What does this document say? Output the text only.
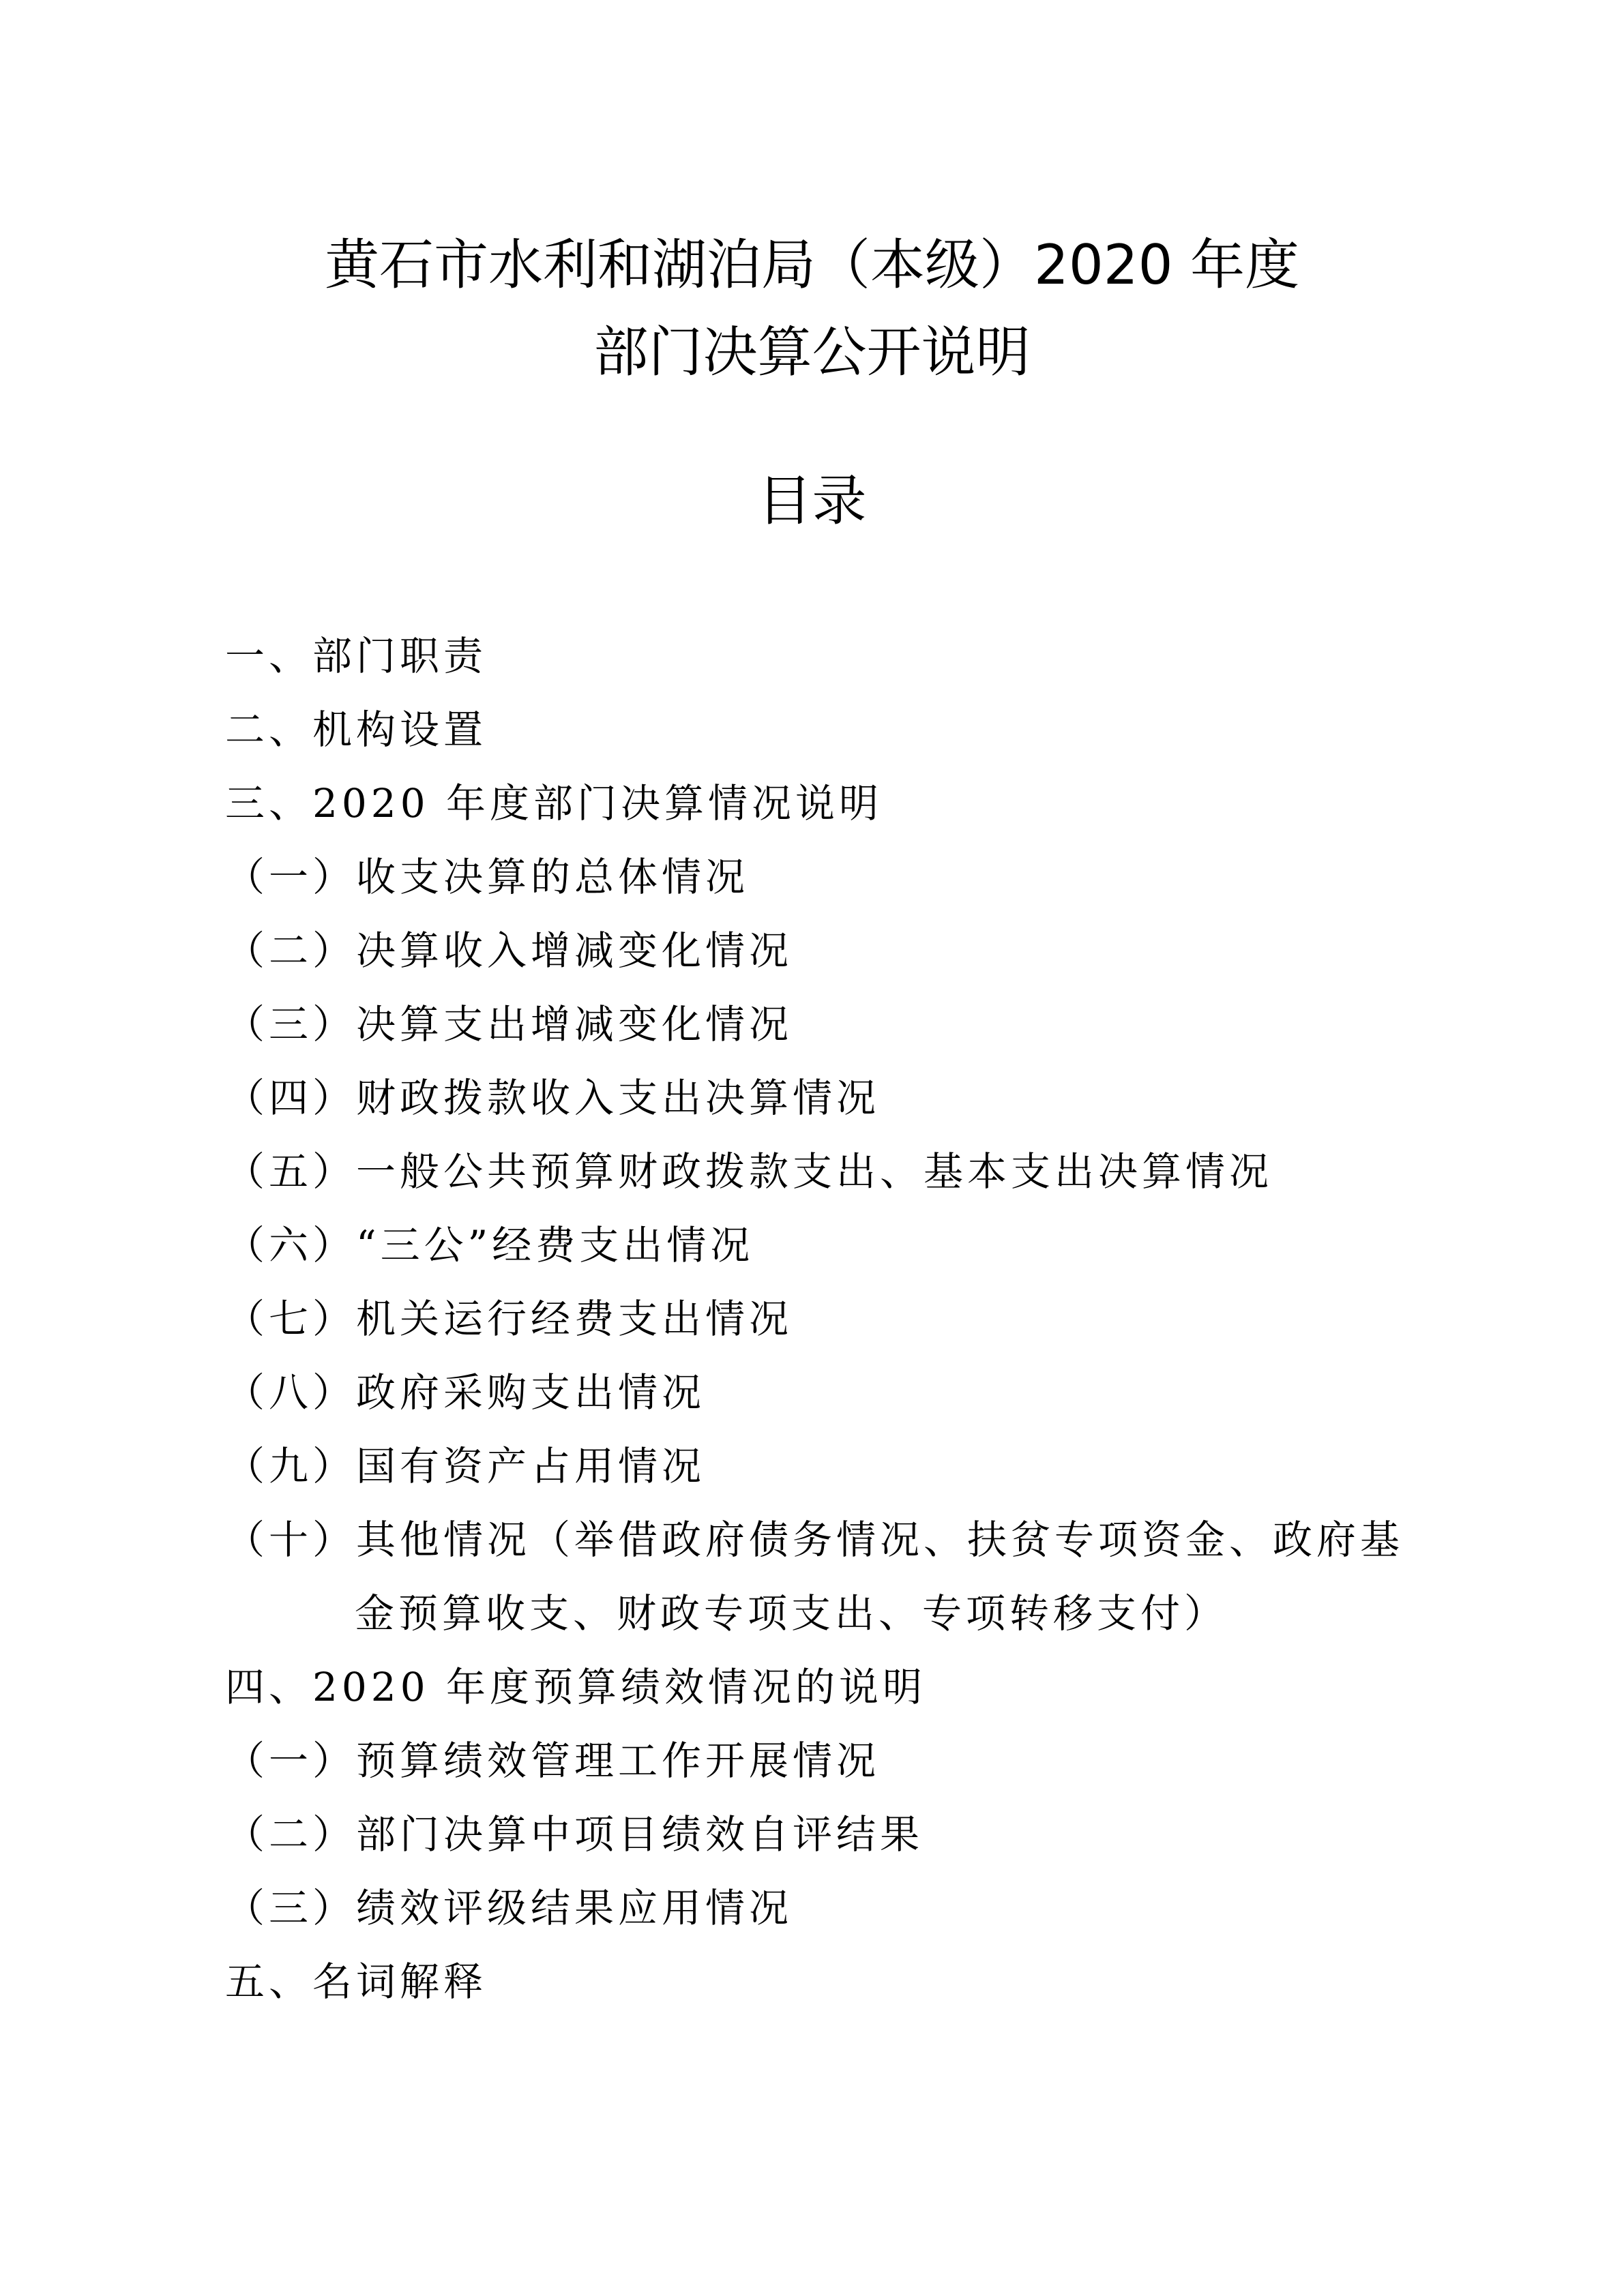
黄石市水利和湖泊局（本级）2020 年度
部门决算公开说明
目录
一、部门职责
二、机构设置
三、2020 年度部门决算情况说明
（一）收支决算的总体情况
（二）决算收入增减变化情况
（三）决算支出增减变化情况
（四）财政拨款收入支出决算情况
（五）一般公共预算财政拨款支出、基本支出决算情况
（六）“三公”经费支出情况
（七）机关运行经费支出情况
（八）政府采购支出情况
（九）国有资产占用情况
（十）其他情况（举借政府债务情况、扶贫专项资金、政府基
金预算收支、财政专项支出、专项转移支付）
四、2020 年度预算绩效情况的说明
（一）预算绩效管理工作开展情况
（二）部门决算中项目绩效自评结果
（三）绩效评级结果应用情况
五、名词解释
